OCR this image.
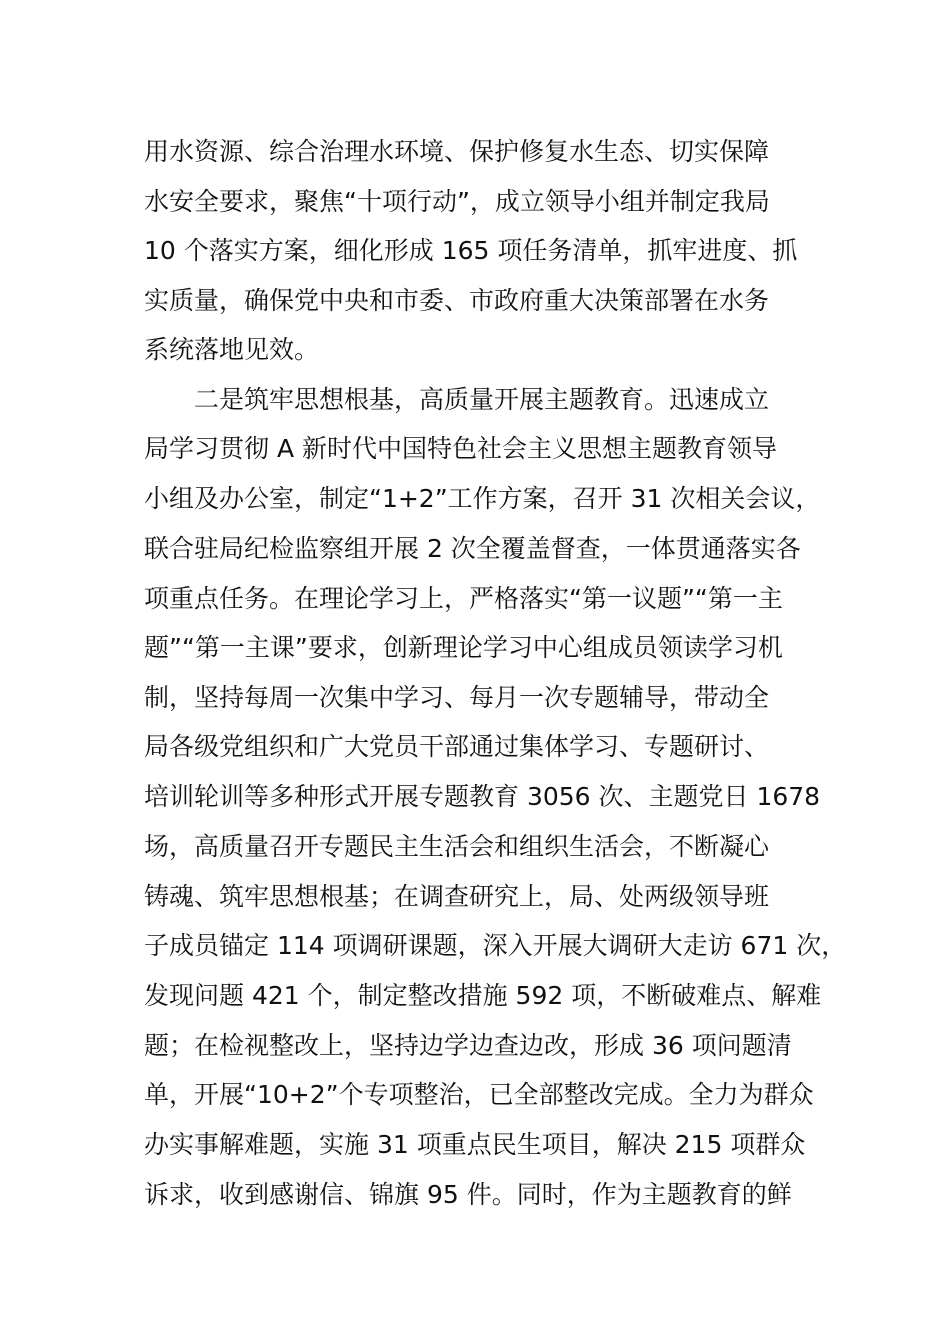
用水资源、综合治理水环境、保护修复水生态、切实保障
水安全要求，聚焦“十项行动”，成立领导小组并制定我局
10 个落实方案，细化形成 165 项任务清单，抓牢进度、抓
实质量，确保党中央和市委、市政府重大决策部署在水务
系统落地见效。
二是筑牢思想根基，高质量开展主题教育。迅速成立
局学习贯彻 A 新时代中国特色社会主义思想主题教育领导
小组及办公室，制定“1+2”工作方案，召开 31 次相关会议，
联合驻局纪检监察组开展 2 次全覆盖督查，一体贯通落实各
项重点任务。在理论学习上，严格落实“第一议题”“第一主
题”“第一主课”要求，创新理论学习中心组成员领读学习机
制，坚持每周一次集中学习、每月一次专题辅导，带动全
局各级党组织和广大党员干部通过集体学习、专题研讨、
培训轮训等多种形式开展专题教育 3056 次、主题党日 1678
场，高质量召开专题民主生活会和组织生活会，不断凝心
铸魂、筑牢思想根基；在调查研究上，局、处两级领导班
子成员锚定 114 项调研课题，深入开展大调研大走访 671 次，
发现问题 421 个，制定整改措施 592 项，不断破难点、解难
题；在检视整改上，坚持边学边查边改，形成 36 项问题清
单，开展“10+2”个专项整治，已全部整改完成。全力为群众
办实事解难题，实施 31 项重点民生项目，解决 215 项群众
诉求，收到感谢信、锦旗 95 件。同时，作为主题教育的鲜
